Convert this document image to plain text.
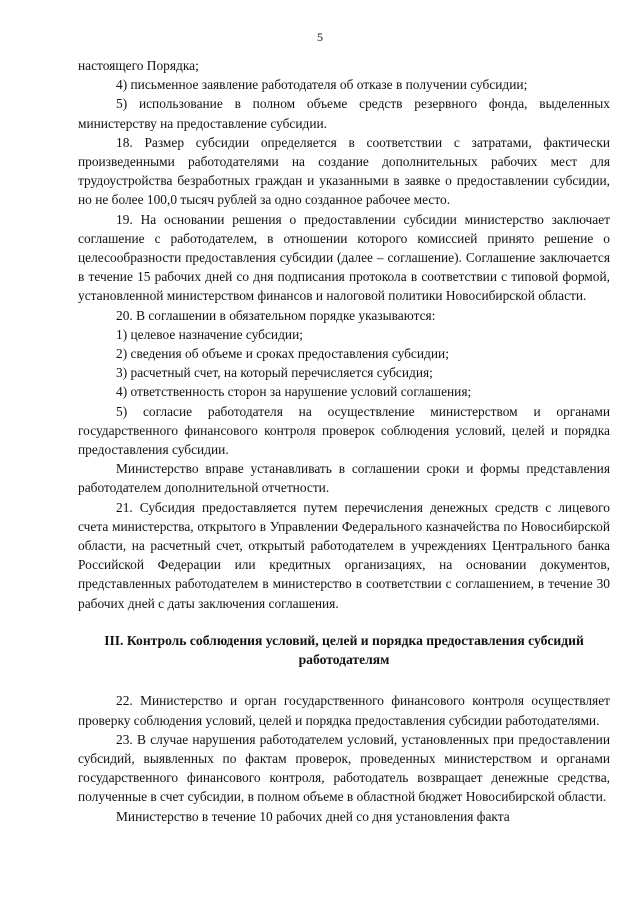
5

настоящего Порядка;

4) письменное заявление работодателя об отказе в получении субсидии;

5) использование в полном объеме средств резервного фонда, выделенных министерству на предоставление субсидии.

18. Размер субсидии определяется в соответствии с затратами, фактически произведенными работодателями на создание дополнительных рабочих мест для трудоустройства безработных граждан и указанными в заявке о предоставлении субсидии, но не более 100,0 тысяч рублей за одно созданное рабочее место.

19. На основании решения о предоставлении субсидии министерство заключает соглашение с работодателем, в отношении которого комиссией принято решение о целесообразности предоставления субсидии (далее – соглашение). Соглашение заключается в течение 15 рабочих дней со дня подписания протокола в соответствии с типовой формой, установленной министерством финансов и налоговой политики Новосибирской области.

20. В соглашении в обязательном порядке указываются:

1) целевое назначение субсидии;

2) сведения об объеме и сроках предоставления субсидии;

3) расчетный счет, на который перечисляется субсидия;

4) ответственность сторон за нарушение условий соглашения;

5) согласие работодателя на осуществление министерством и органами государственного финансового контроля проверок соблюдения условий, целей и порядка предоставления субсидии.

Министерство вправе устанавливать в соглашении сроки и формы представления работодателем дополнительной отчетности.

21. Субсидия предоставляется путем перечисления денежных средств с лицевого счета министерства, открытого в Управлении Федерального казначейства по Новосибирской области, на расчетный счет, открытый работодателем в учреждениях Центрального банка Российской Федерации или кредитных организациях, на основании документов, представленных работодателем в министерство в соответствии с соглашением, в течение 30 рабочих дней с даты заключения соглашения.

III. Контроль соблюдения условий, целей и порядка предоставления субсидий работодателям

22. Министерство и орган государственного финансового контроля осуществляет проверку соблюдения условий, целей и порядка предоставления субсидии работодателями.

23. В случае нарушения работодателем условий, установленных при предоставлении субсидий, выявленных по фактам проверок, проведенных министерством и органами государственного финансового контроля, работодатель возвращает денежные средства, полученные в счет субсидии, в полном объеме в областной бюджет Новосибирской области.

Министерство в течение 10 рабочих дней со дня установления факта
